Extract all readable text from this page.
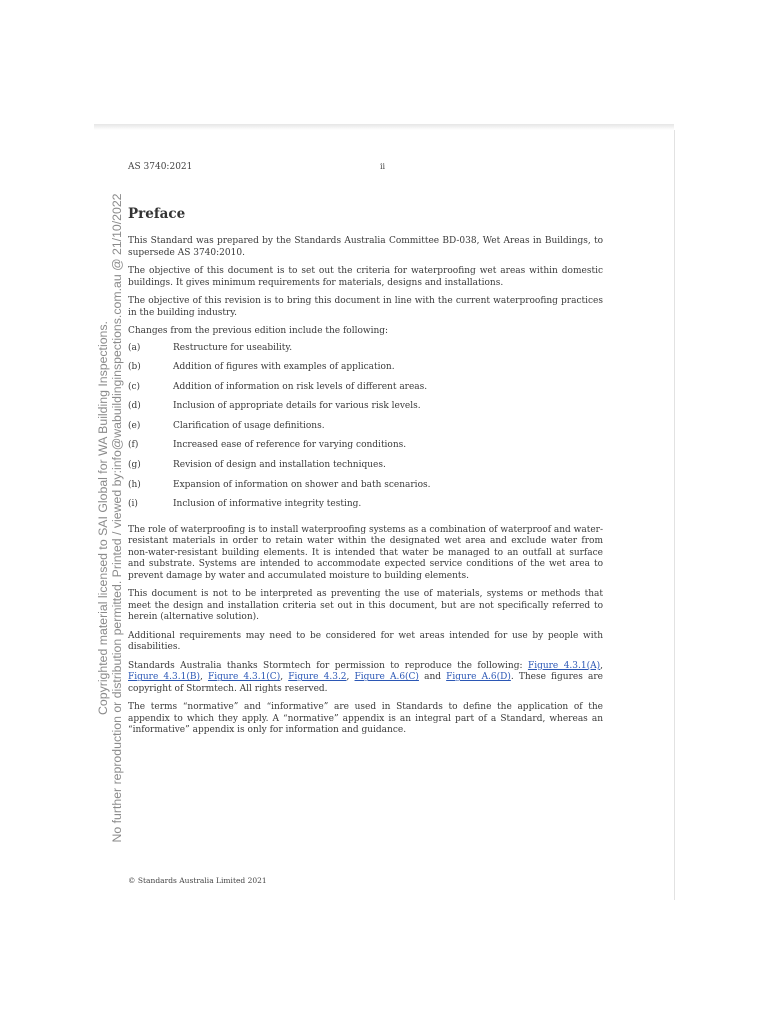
AS 3740:2021	ii
Preface

This Standard was prepared by the Standards Australia Committee BD-038, Wet Areas in Buildings, to supersede AS 3740:2010.

The objective of this document is to set out the criteria for waterproofing wet areas within domestic buildings. It gives minimum requirements for materials, designs and installations.

The objective of this revision is to bring this document in line with the current waterproofing practices in the building industry.

Changes from the previous edition include the following:

(a)	Restructure for useability.
(b)	Addition of figures with examples of application.
(c)	Addition of information on risk levels of different areas.
(d)	Inclusion of appropriate details for various risk levels.
(e)	Clarification of usage definitions.
(f)	Increased ease of reference for varying conditions.
(g)	Revision of design and installation techniques.
(h)	Expansion of information on shower and bath scenarios.
(i)	Inclusion of informative integrity testing.

The role of waterproofing is to install waterproofing systems as a combination of waterproof and water-resistant materials in order to retain water within the designated wet area and exclude water from non-water-resistant building elements. It is intended that water be managed to an outfall at surface and substrate. Systems are intended to accommodate expected service conditions of the wet area to prevent damage by water and accumulated moisture to building elements.

This document is not to be interpreted as preventing the use of materials, systems or methods that meet the design and installation criteria set out in this document, but are not specifically referred to herein (alternative solution).

Additional requirements may need to be considered for wet areas intended for use by people with disabilities.

Standards Australia thanks Stormtech for permission to reproduce the following: Figure 4.3.1(A), Figure 4.3.1(B), Figure 4.3.1(C), Figure 4.3.2, Figure A.6(C) and Figure A.6(D). These figures are copyright of Stormtech. All rights reserved.

The terms “normative” and “informative” are used in Standards to define the application of the appendix to which they apply. A “normative” appendix is an integral part of a Standard, whereas an “informative” appendix is only for information and guidance.

© Standards Australia Limited 2021
Copyrighted material licensed to SAI Global for WA Building Inspections. No further reproduction or distribution permitted. Printed / viewed by:info@wabuildinginspections.com.au @ 21/10/2022
